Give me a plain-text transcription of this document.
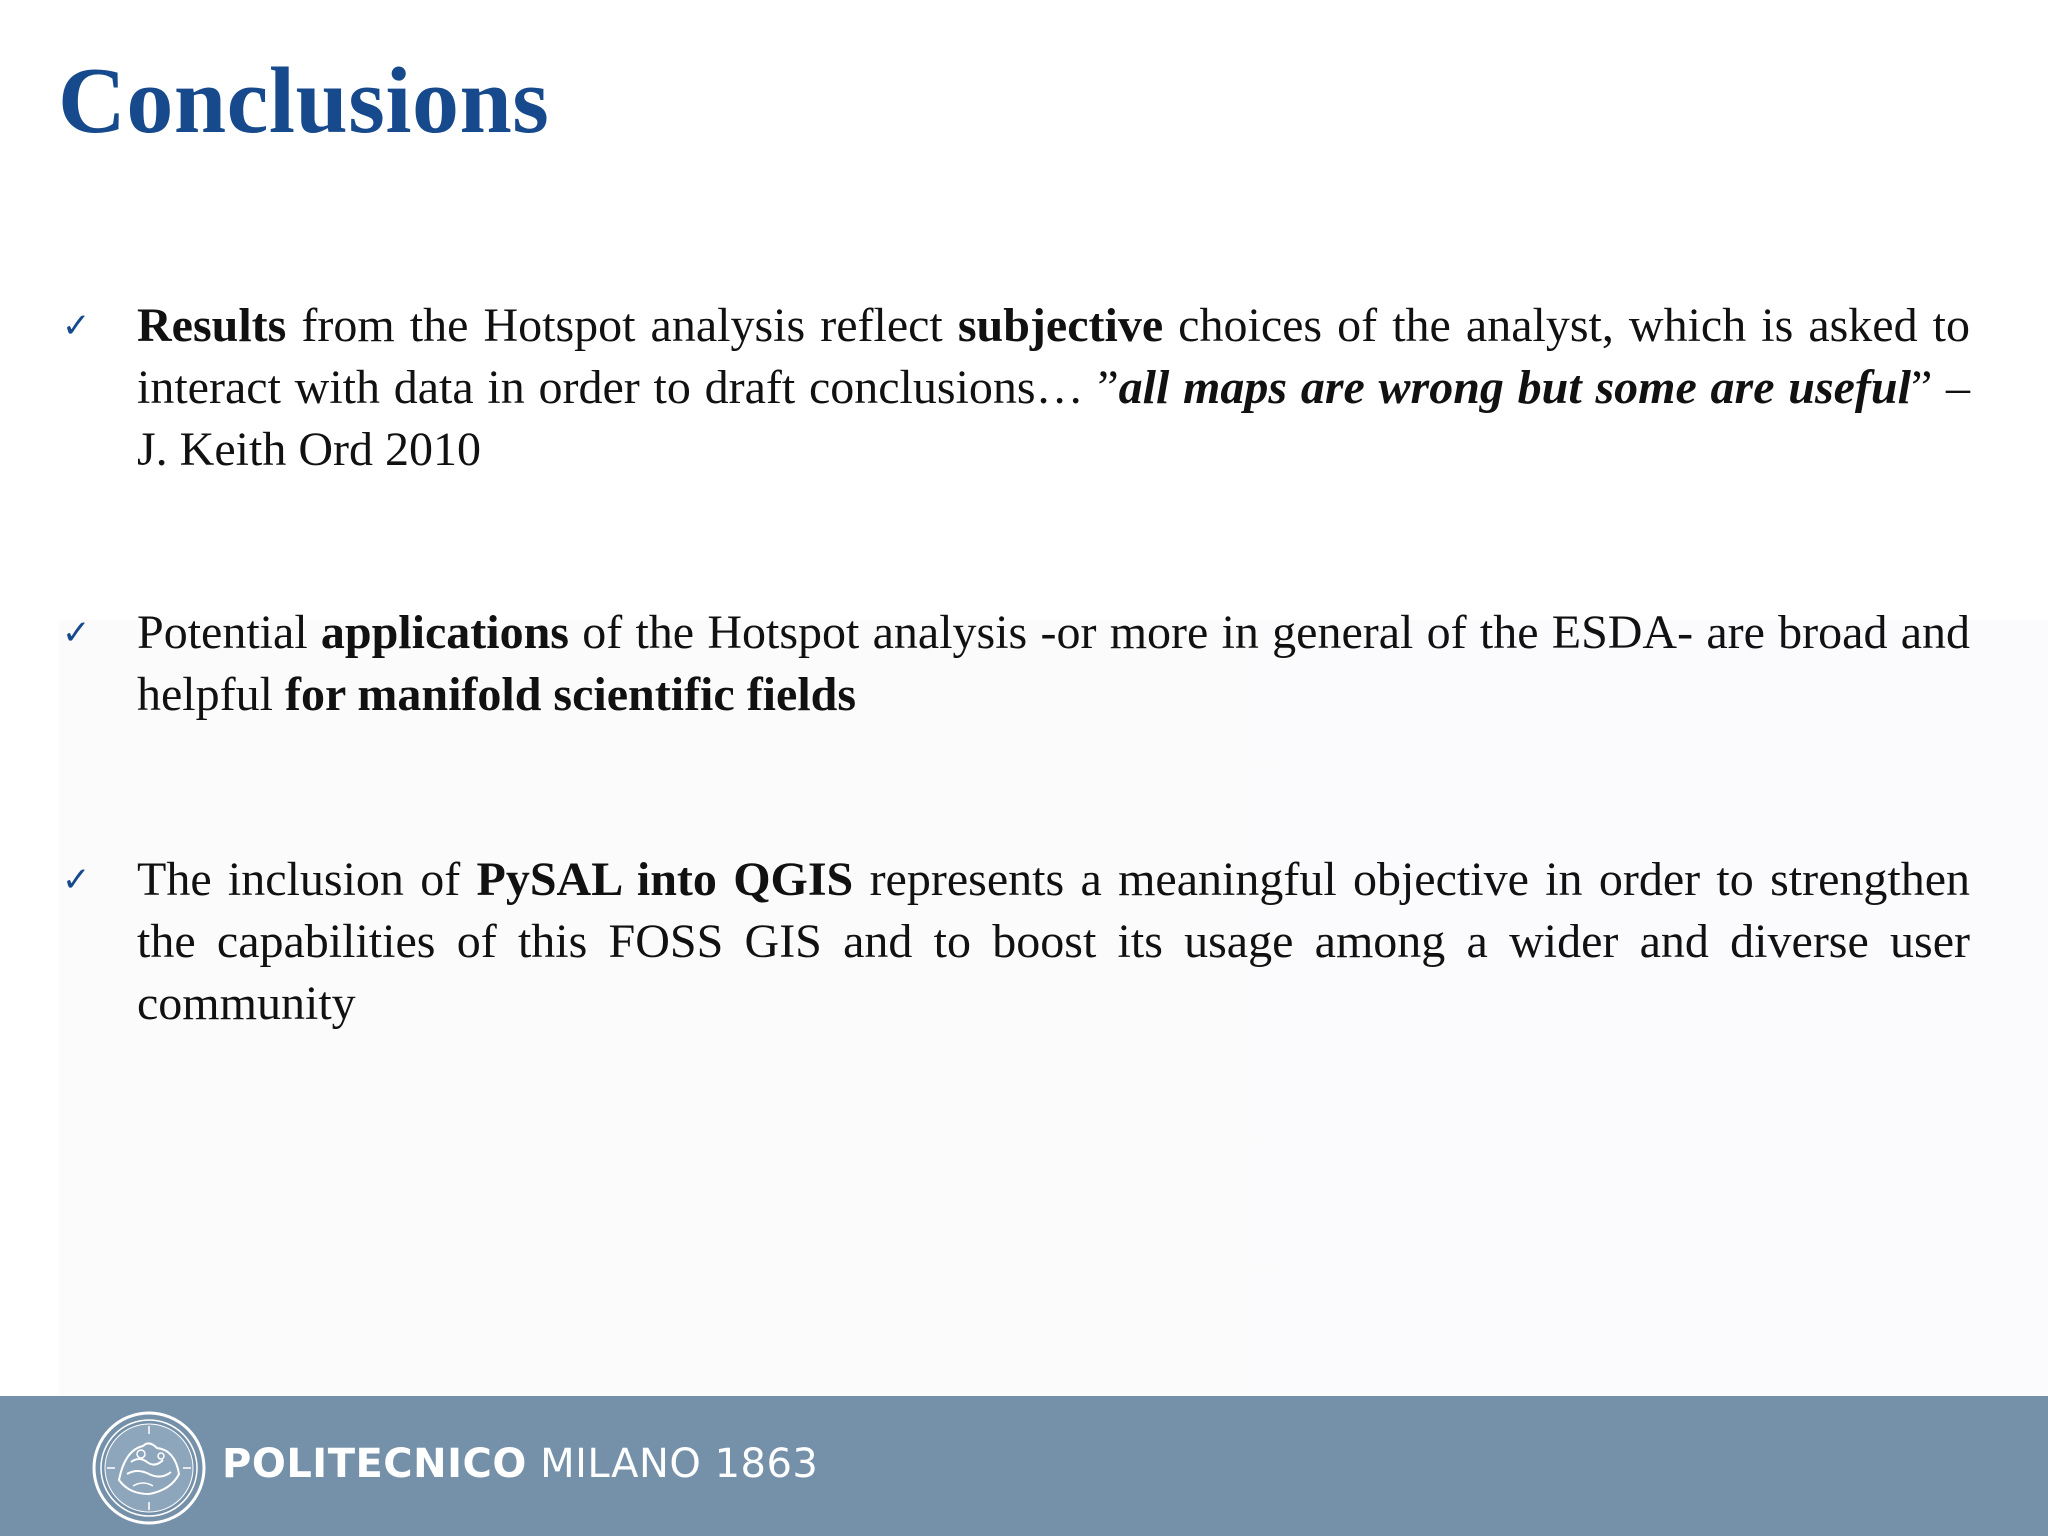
Conclusions
✓ Results from the Hotspot analysis reflect subjective choices of the analyst, which is asked to interact with data in order to draft conclusions… ”all maps are wrong but some are useful” – J. Keith Ord 2010

✓ Potential applications of the Hotspot analysis -or more in general of the ESDA- are broad and helpful for manifold scientific fields

✓ The inclusion of PySAL into QGIS represents a meaningful objective in order to strengthen the capabilities of this FOSS GIS and to boost its usage among a wider and diverse user community

POLITECNICO MILANO 1863
